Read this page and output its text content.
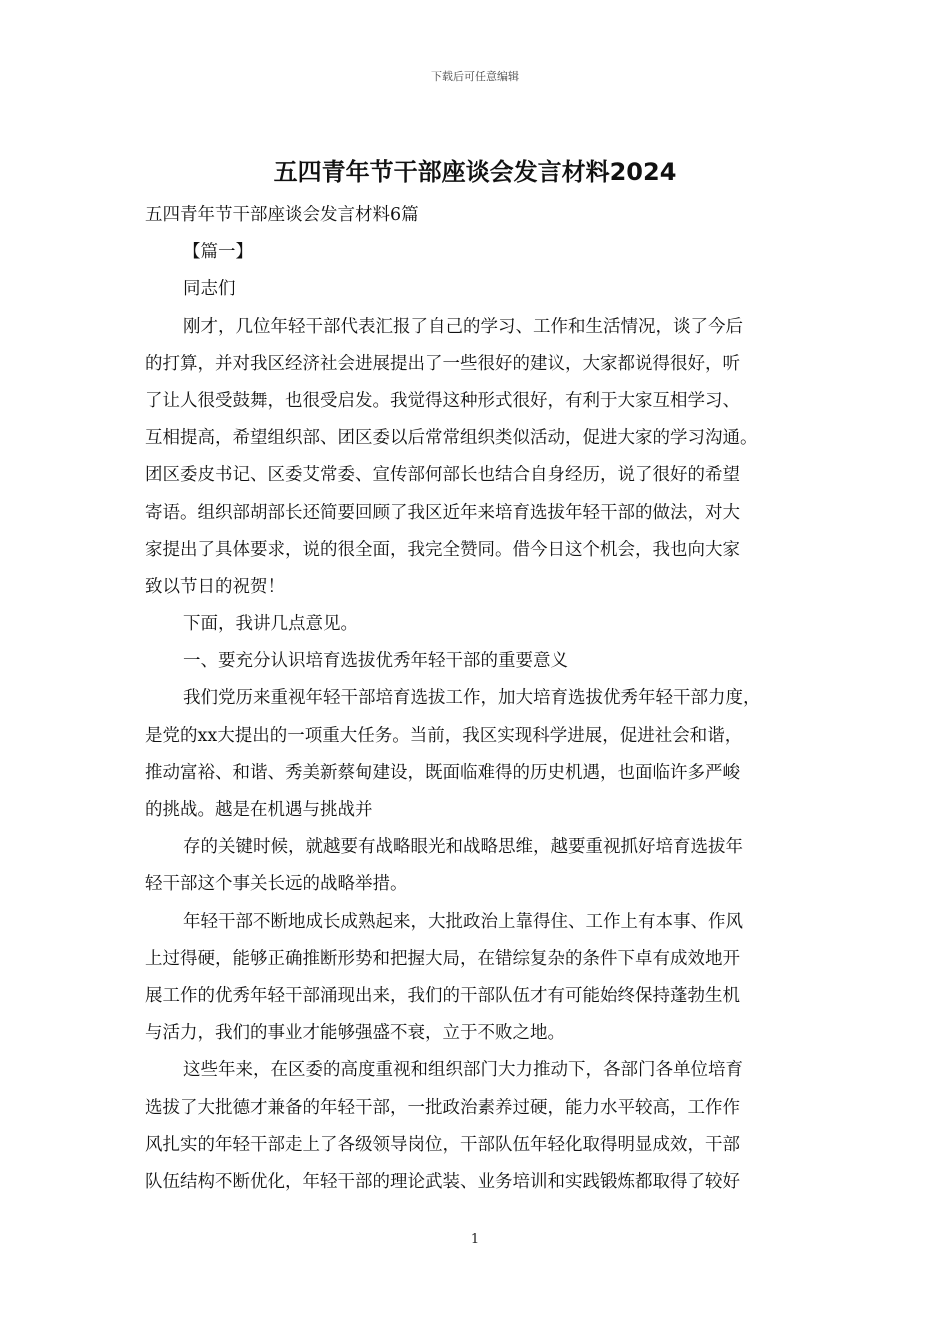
下载后可任意编辑
五四青年节干部座谈会发言材料2024
五四青年节干部座谈会发言材料6篇
【篇一】
同志们
刚才，几位年轻干部代表汇报了自己的学习、工作和生活情况，谈了今后
的打算，并对我区经济社会进展提出了一些很好的建议，大家都说得很好，听
了让人很受鼓舞，也很受启发。我觉得这种形式很好，有利于大家互相学习、
互相提高，希望组织部、团区委以后常常组织类似活动，促进大家的学习沟通。
团区委皮书记、区委艾常委、宣传部何部长也结合自身经历，说了很好的希望
寄语。组织部胡部长还简要回顾了我区近年来培育选拔年轻干部的做法，对大
家提出了具体要求，说的很全面，我完全赞同。借今日这个机会，我也向大家
致以节日的祝贺！
下面，我讲几点意见。
一、要充分认识培育选拔优秀年轻干部的重要意义
我们党历来重视年轻干部培育选拔工作，加大培育选拔优秀年轻干部力度，
是党的xx大提出的一项重大任务。当前，我区实现科学进展，促进社会和谐，
推动富裕、和谐、秀美新蔡甸建设，既面临难得的历史机遇，也面临许多严峻
的挑战。越是在机遇与挑战并
存的关键时候，就越要有战略眼光和战略思维，越要重视抓好培育选拔年
轻干部这个事关长远的战略举措。
年轻干部不断地成长成熟起来，大批政治上靠得住、工作上有本事、作风
上过得硬，能够正确推断形势和把握大局，在错综复杂的条件下卓有成效地开
展工作的优秀年轻干部涌现出来，我们的干部队伍才有可能始终保持蓬勃生机
与活力，我们的事业才能够强盛不衰，立于不败之地。
这些年来，在区委的高度重视和组织部门大力推动下，各部门各单位培育
选拔了大批德才兼备的年轻干部，一批政治素养过硬，能力水平较高，工作作
风扎实的年轻干部走上了各级领导岗位，干部队伍年轻化取得明显成效，干部
队伍结构不断优化，年轻干部的理论武装、业务培训和实践锻炼都取得了较好
1
